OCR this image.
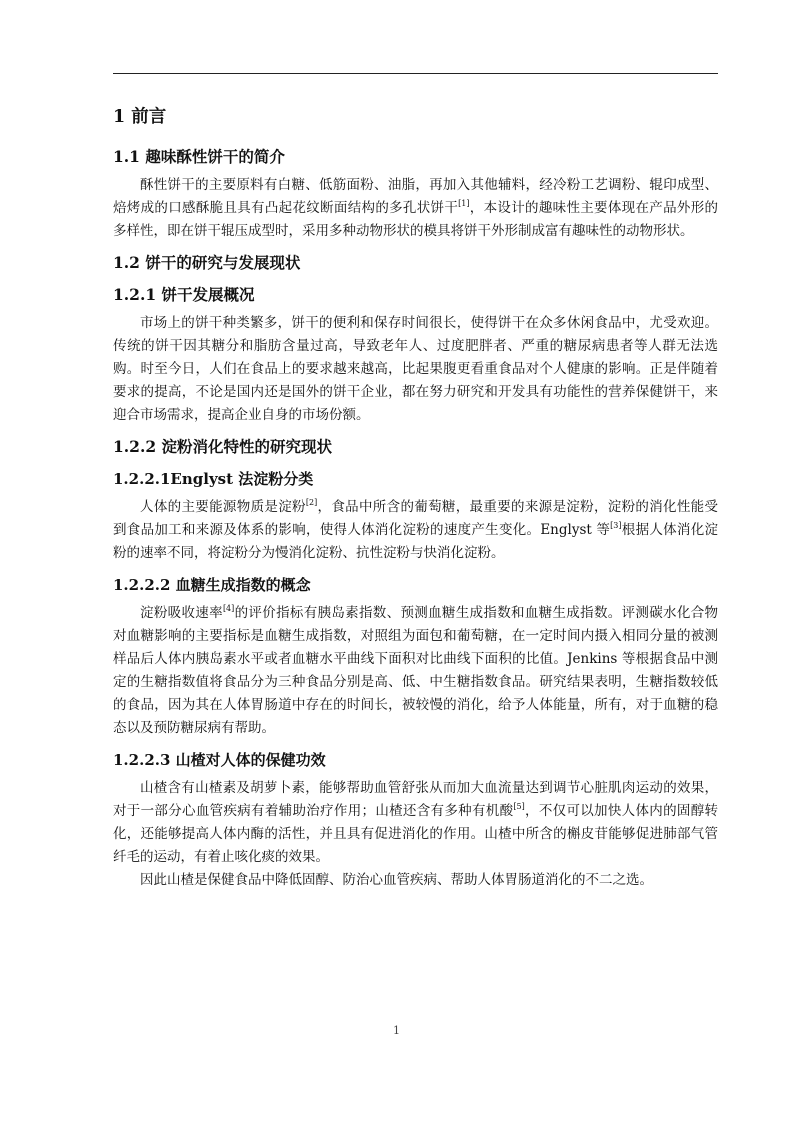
1 前言
1.1 趣味酥性饼干的简介

酥性饼干的主要原料有白糖、低筋面粉、油脂，再加入其他辅料，经冷粉工艺调粉、辊印成型、焙烤成的口感酥脆且具有凸起花纹断面结构的多孔状饼干[1]，本设计的趣味性主要体现在产品外形的多样性，即在饼干辊压成型时，采用多种动物形状的模具将饼干外形制成富有趣味性的动物形状。

1.2 饼干的研究与发展现状
1.2.1 饼干发展概况

市场上的饼干种类繁多，饼干的便利和保存时间很长，使得饼干在众多休闲食品中，尤受欢迎。传统的饼干因其糖分和脂肪含量过高，导致老年人、过度肥胖者、严重的糖尿病患者等人群无法选购。时至今日，人们在食品上的要求越来越高，比起果腹更看重食品对个人健康的影响。正是伴随着要求的提高，不论是国内还是国外的饼干企业，都在努力研究和开发具有功能性的营养保健饼干，来迎合市场需求，提高企业自身的市场份额。

1.2.2 淀粉消化特性的研究现状
1.2.2.1Englyst 法淀粉分类

人体的主要能源物质是淀粉[2]，食品中所含的葡萄糖，最重要的来源是淀粉，淀粉的消化性能受到食品加工和来源及体系的影响，使得人体消化淀粉的速度产生变化。Englyst 等[3]根据人体消化淀粉的速率不同，将淀粉分为慢消化淀粉、抗性淀粉与快消化淀粉。

1.2.2.2 血糖生成指数的概念

淀粉吸收速率[4]的评价指标有胰岛素指数、预测血糖生成指数和血糖生成指数。评测碳水化合物对血糖影响的主要指标是血糖生成指数，对照组为面包和葡萄糖，在一定时间内摄入相同分量的被测样品后人体内胰岛素水平或者血糖水平曲线下面积对比曲线下面积的比值。Jenkins 等根据食品中测定的生糖指数值将食品分为三种食品分别是高、低、中生糖指数食品。研究结果表明，生糖指数较低的食品，因为其在人体胃肠道中存在的时间长，被较慢的消化，给予人体能量，所有，对于血糖的稳态以及预防糖尿病有帮助。

1.2.2.3 山楂对人体的保健功效

山楂含有山楂素及胡萝卜素，能够帮助血管舒张从而加大血流量达到调节心脏肌肉运动的效果，对于一部分心血管疾病有着辅助治疗作用；山楂还含有多种有机酸[5]，不仅可以加快人体内的固醇转化，还能够提高人体内酶的活性，并且具有促进消化的作用。山楂中所含的槲皮苷能够促进肺部气管纤毛的运动，有着止咳化痰的效果。

因此山楂是保健食品中降低固醇、防治心血管疾病、帮助人体胃肠道消化的不二之选。

1
